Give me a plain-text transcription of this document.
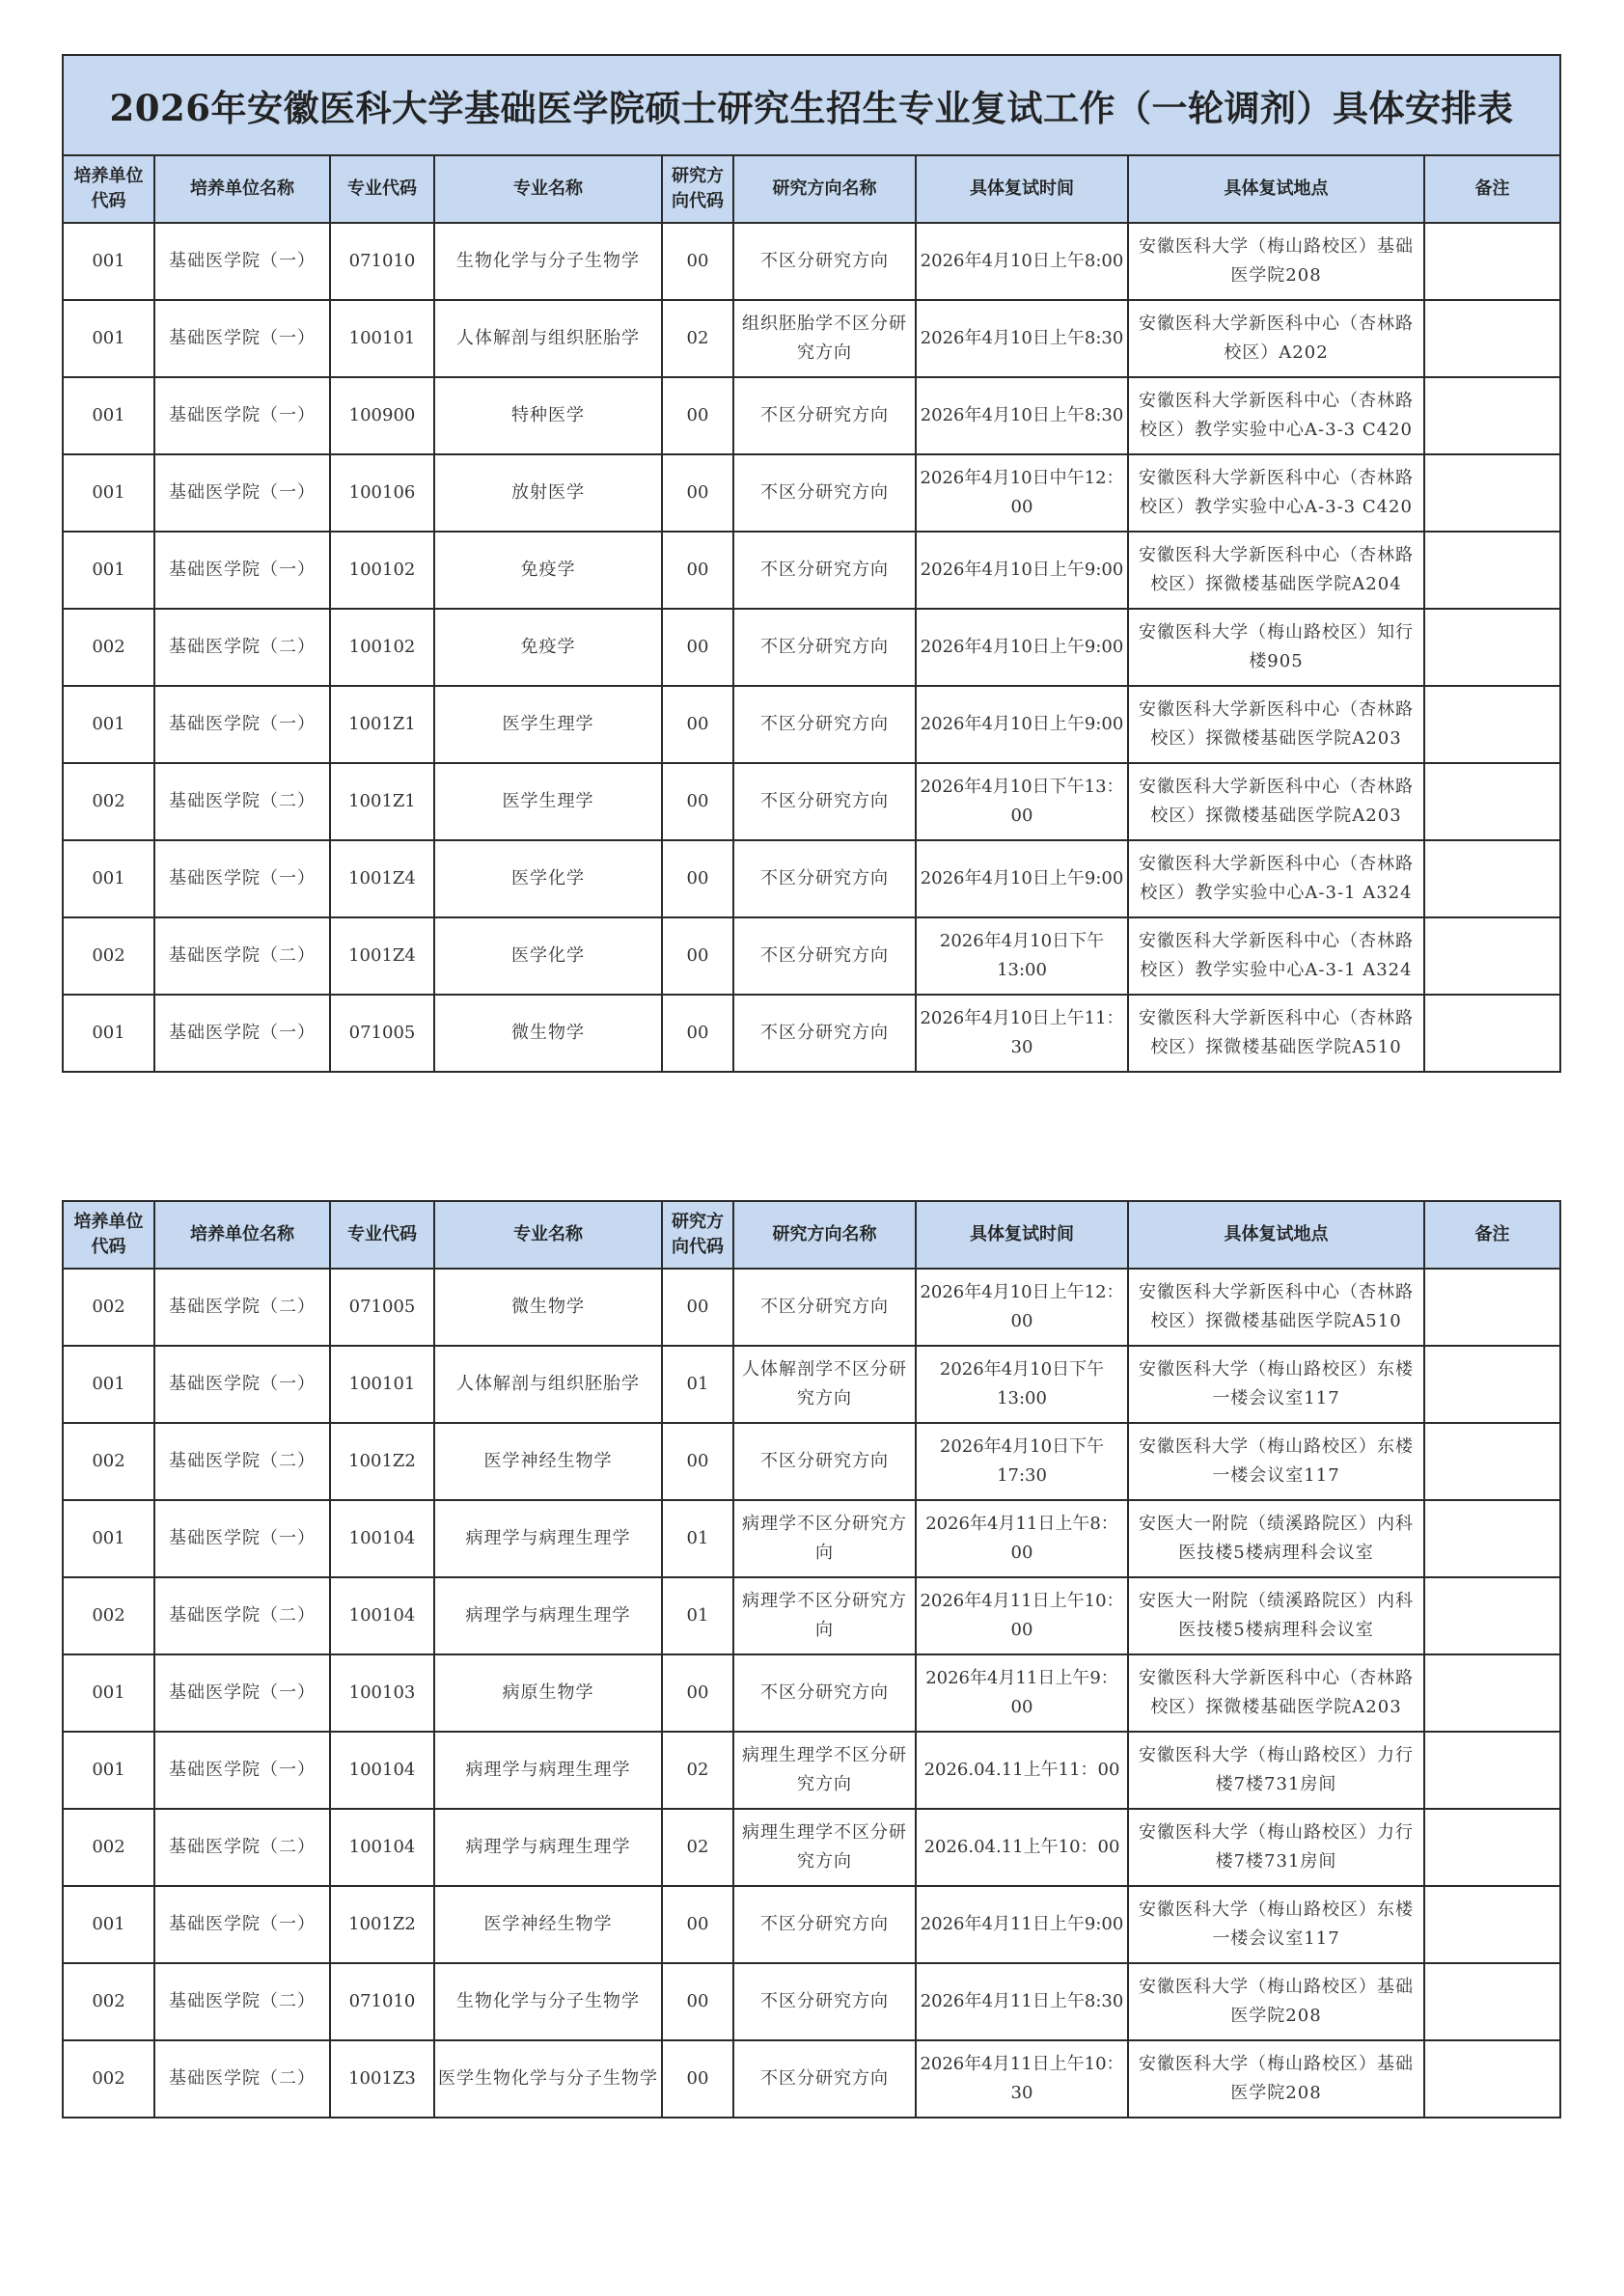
2026年安徽医科大学基础医学院硕士研究生招生专业复试工作（一轮调剂）具体安排表								
培养单位代码	培养单位名称	专业代码	专业名称	研究方向代码	研究方向名称	具体复试时间	具体复试地点	备注
001	基础医学院（一）	071010	生物化学与分子生物学	00	不区分研究方向	2026年4月10日上午8:00	安徽医科大学（梅山路校区）基础医学院208	
001	基础医学院（一）	100101	人体解剖与组织胚胎学	02	组织胚胎学不区分研究方向	2026年4月10日上午8:30	安徽医科大学新医科中心（杏林路校区）A202	
001	基础医学院（一）	100900	特种医学	00	不区分研究方向	2026年4月10日上午8:30	安徽医科大学新医科中心（杏林路校区）教学实验中心A-3-3 C420	
001	基础医学院（一）	100106	放射医学	00	不区分研究方向	2026年4月10日中午12：00	安徽医科大学新医科中心（杏林路校区）教学实验中心A-3-3 C420	
001	基础医学院（一）	100102	免疫学	00	不区分研究方向	2026年4月10日上午9:00	安徽医科大学新医科中心（杏林路校区）探微楼基础医学院A204	
002	基础医学院（二）	100102	免疫学	00	不区分研究方向	2026年4月10日上午9:00	安徽医科大学（梅山路校区）知行楼905	
001	基础医学院（一）	1001Z1	医学生理学	00	不区分研究方向	2026年4月10日上午9:00	安徽医科大学新医科中心（杏林路校区）探微楼基础医学院A203	
002	基础医学院（二）	1001Z1	医学生理学	00	不区分研究方向	2026年4月10日下午13：00	安徽医科大学新医科中心（杏林路校区）探微楼基础医学院A203	
001	基础医学院（一）	1001Z4	医学化学	00	不区分研究方向	2026年4月10日上午9:00	安徽医科大学新医科中心（杏林路校区）教学实验中心A-3-1 A324	
002	基础医学院（二）	1001Z4	医学化学	00	不区分研究方向	2026年4月10日下午13:00	安徽医科大学新医科中心（杏林路校区）教学实验中心A-3-1 A324	
001	基础医学院（一）	071005	微生物学	00	不区分研究方向	2026年4月10日上午11：30	安徽医科大学新医科中心（杏林路校区）探微楼基础医学院A510	
培养单位代码	培养单位名称	专业代码	专业名称	研究方向代码	研究方向名称	具体复试时间	具体复试地点	备注
002	基础医学院（二）	071005	微生物学	00	不区分研究方向	2026年4月10日上午12：00	安徽医科大学新医科中心（杏林路校区）探微楼基础医学院A510	
001	基础医学院（一）	100101	人体解剖与组织胚胎学	01	人体解剖学不区分研究方向	2026年4月10日下午13:00	安徽医科大学（梅山路校区）东楼一楼会议室117	
002	基础医学院（二）	1001Z2	医学神经生物学	00	不区分研究方向	2026年4月10日下午17:30	安徽医科大学（梅山路校区）东楼一楼会议室117	
001	基础医学院（一）	100104	病理学与病理生理学	01	病理学不区分研究方向	2026年4月11日上午8：00	安医大一附院（绩溪路院区）内科医技楼5楼病理科会议室	
002	基础医学院（二）	100104	病理学与病理生理学	01	病理学不区分研究方向	2026年4月11日上午10：00	安医大一附院（绩溪路院区）内科医技楼5楼病理科会议室	
001	基础医学院（一）	100103	病原生物学	00	不区分研究方向	2026年4月11日上午9：00	安徽医科大学新医科中心（杏林路校区）探微楼基础医学院A203	
001	基础医学院（一）	100104	病理学与病理生理学	02	病理生理学不区分研究方向	2026.04.11上午11：00	安徽医科大学（梅山路校区）力行楼7楼731房间	
002	基础医学院（二）	100104	病理学与病理生理学	02	病理生理学不区分研究方向	2026.04.11上午10：00	安徽医科大学（梅山路校区）力行楼7楼731房间	
001	基础医学院（一）	1001Z2	医学神经生物学	00	不区分研究方向	2026年4月11日上午9:00	安徽医科大学（梅山路校区）东楼一楼会议室117	
002	基础医学院（二）	071010	生物化学与分子生物学	00	不区分研究方向	2026年4月11日上午8:30	安徽医科大学（梅山路校区）基础医学院208	
002	基础医学院（二）	1001Z3	医学生物化学与分子生物学	00	不区分研究方向	2026年4月11日上午10：30	安徽医科大学（梅山路校区）基础医学院208	
